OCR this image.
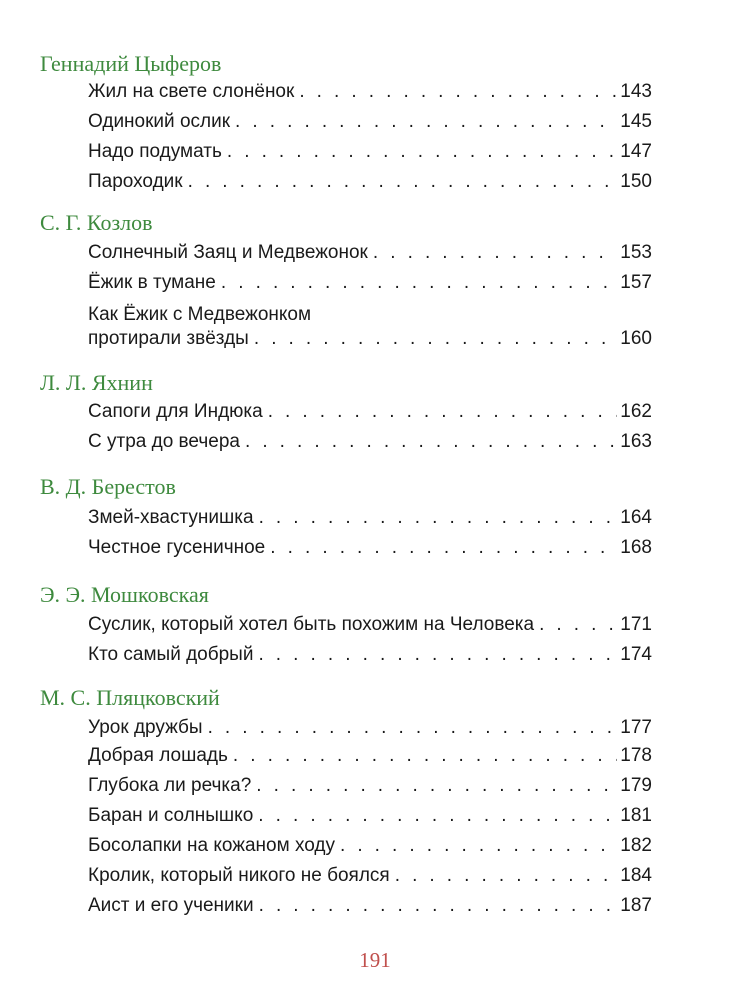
Геннадий Цыферов
Жил на свете слонёнок . . .	143
Одинокий ослик . . .	145
Надо подумать . . .	147
Пароходик . . .	150
С. Г. Козлов
Солнечный Заяц и Медвежонок . . .	153
Ёжик в тумане . . .	157
Как Ёжик с Медвежонком
протирали звёзды . . .	160
Л. Л. Яхнин
Сапоги для Индюка . . .	162
С утра до вечера . . .	163
В. Д. Берестов
Змей-хвастунишка . . .	164
Честное гусеничное . . .	168
Э. Э. Мошковская
Суслик, который хотел быть похожим на Человека . . .	171
Кто самый добрый . . .	174
М. С. Пляцковский
Урок дружбы . . .	177
Добрая лошадь . . .	178
Глубока ли речка? . . .	179
Баран и солнышко . . .	181
Босолапки на кожаном ходу . . .	182
Кролик, который никого не боялся . . .	184
Аист и его ученики . . .	187
191
